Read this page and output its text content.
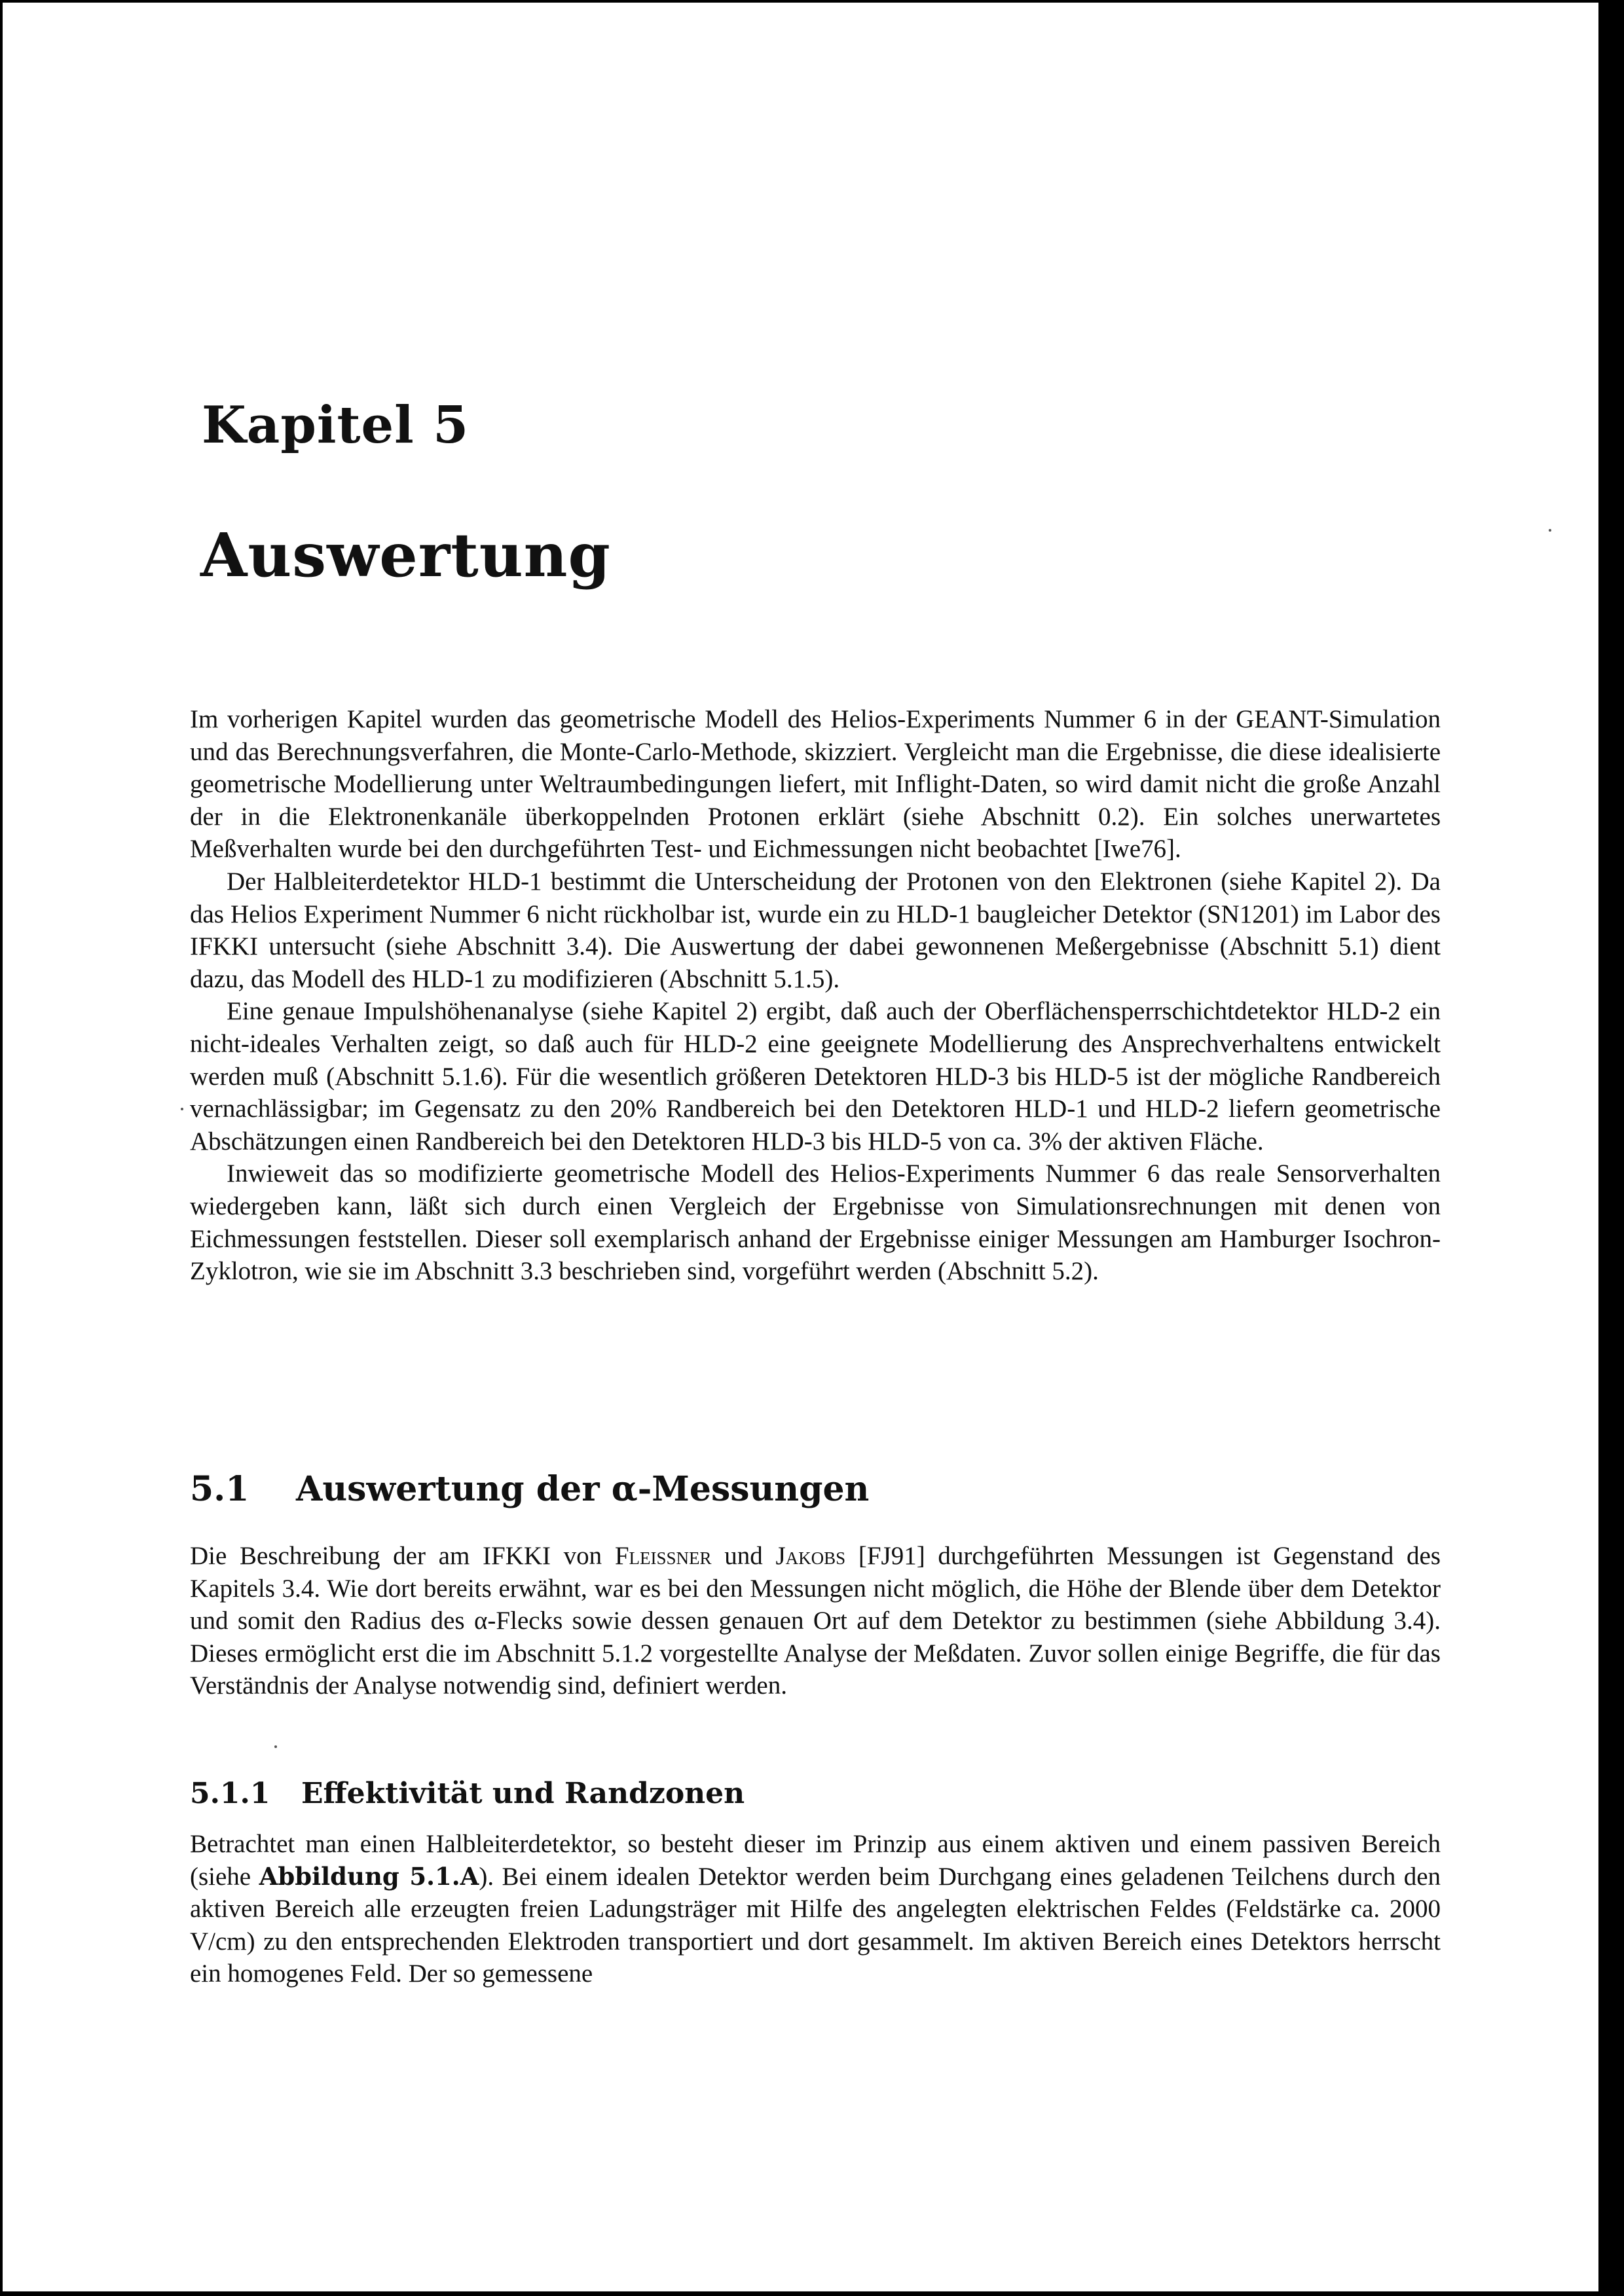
Kapitel 5
Auswertung

Im vorherigen Kapitel wurden das geometrische Modell des Helios-Experiments Nummer 6 in der GEANT-Simulation und das Berechnungsverfahren, die Monte-Carlo-Methode, skizziert. Vergleicht man die Ergebnisse, die diese idealisierte geometrische Modellierung unter Weltraumbedingungen liefert, mit Inflight-Daten, so wird damit nicht die große Anzahl der in die Elektronenkanäle überkoppelnden Protonen erklärt (siehe Abschnitt 0.2). Ein solches unerwartetes Meßverhalten wurde bei den durchgeführten Test- und Eichmessungen nicht beobachtet [Iwe76].

Der Halbleiterdetektor HLD-1 bestimmt die Unterscheidung der Protonen von den Elektronen (siehe Kapitel 2). Da das Helios Experiment Nummer 6 nicht rückholbar ist, wurde ein zu HLD-1 baugleicher Detektor (SN1201) im Labor des IFKKI untersucht (siehe Abschnitt 3.4). Die Auswertung der dabei gewonnenen Meßergebnisse (Abschnitt 5.1) dient dazu, das Modell des HLD-1 zu modifizieren (Abschnitt 5.1.5).

Eine genaue Impulshöhenanalyse (siehe Kapitel 2) ergibt, daß auch der Oberflächensperrschichtdetektor HLD-2 ein nicht-ideales Verhalten zeigt, so daß auch für HLD-2 eine geeignete Modellierung des Ansprechverhaltens entwickelt werden muß (Abschnitt 5.1.6). Für die wesentlich größeren Detektoren HLD-3 bis HLD-5 ist der mögliche Randbereich vernachlässigbar; im Gegensatz zu den 20% Randbereich bei den Detektoren HLD-1 und HLD-2 liefern geometrische Abschätzungen einen Randbereich bei den Detektoren HLD-3 bis HLD-5 von ca. 3% der aktiven Fläche.

Inwieweit das so modifizierte geometrische Modell des Helios-Experiments Nummer 6 das reale Sensorverhalten wiedergeben kann, läßt sich durch einen Vergleich der Ergebnisse von Simulationsrechnungen mit denen von Eichmessungen feststellen. Dieser soll exemplarisch anhand der Ergebnisse einiger Messungen am Hamburger Isochron-Zyklotron, wie sie im Abschnitt 3.3 beschrieben sind, vorgeführt werden (Abschnitt 5.2).

5.1 Auswertung der α-Messungen

Die Beschreibung der am IFKKI von Fleissner und Jakobs [FJ91] durchgeführten Messungen ist Gegenstand des Kapitels 3.4. Wie dort bereits erwähnt, war es bei den Messungen nicht möglich, die Höhe der Blende über dem Detektor und somit den Radius des α-Flecks sowie dessen genauen Ort auf dem Detektor zu bestimmen (siehe Abbildung 3.4). Dieses ermöglicht erst die im Abschnitt 5.1.2 vorgestellte Analyse der Meßdaten. Zuvor sollen einige Begriffe, die für das Verständnis der Analyse notwendig sind, definiert werden.

5.1.1 Effektivität und Randzonen

Betrachtet man einen Halbleiterdetektor, so besteht dieser im Prinzip aus einem aktiven und einem passiven Bereich (siehe Abbildung 5.1.A). Bei einem idealen Detektor werden beim Durchgang eines geladenen Teilchens durch den aktiven Bereich alle erzeugten freien Ladungsträger mit Hilfe des angelegten elektrischen Feldes (Feldstärke ca. 2000 V/cm) zu den entsprechenden Elektroden transportiert und dort gesammelt. Im aktiven Bereich eines Detektors herrscht ein homogenes Feld. Der so gemessene
